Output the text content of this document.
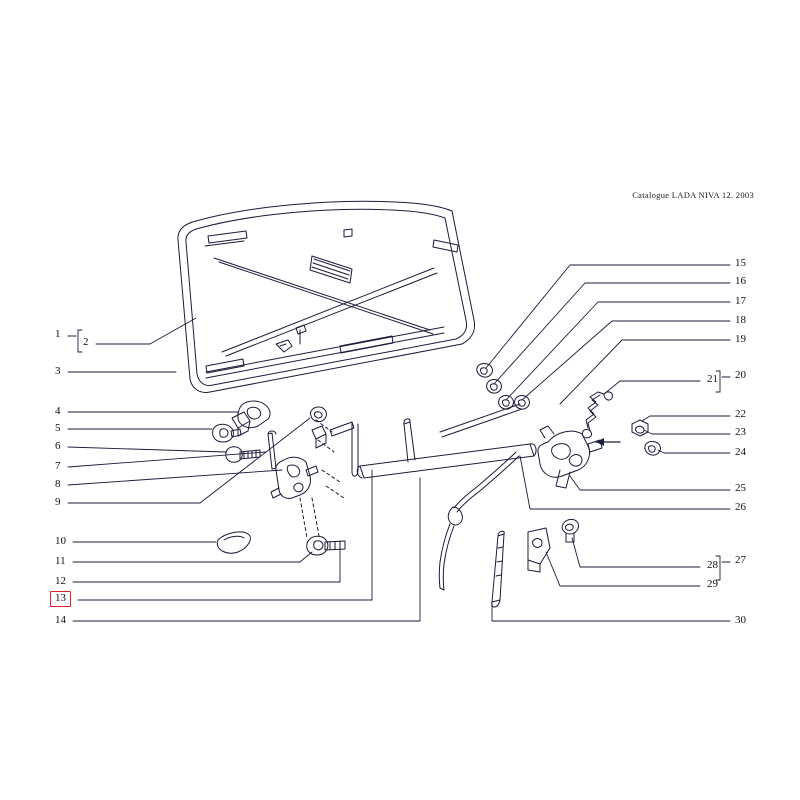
Catalogue LADA NIVA 12. 2003
1
2
3
4
5
6
7
8
9
10
11
12
13
14
15
16
17
18
19
20
21
22
23
24
25
26
27
28
29
30
